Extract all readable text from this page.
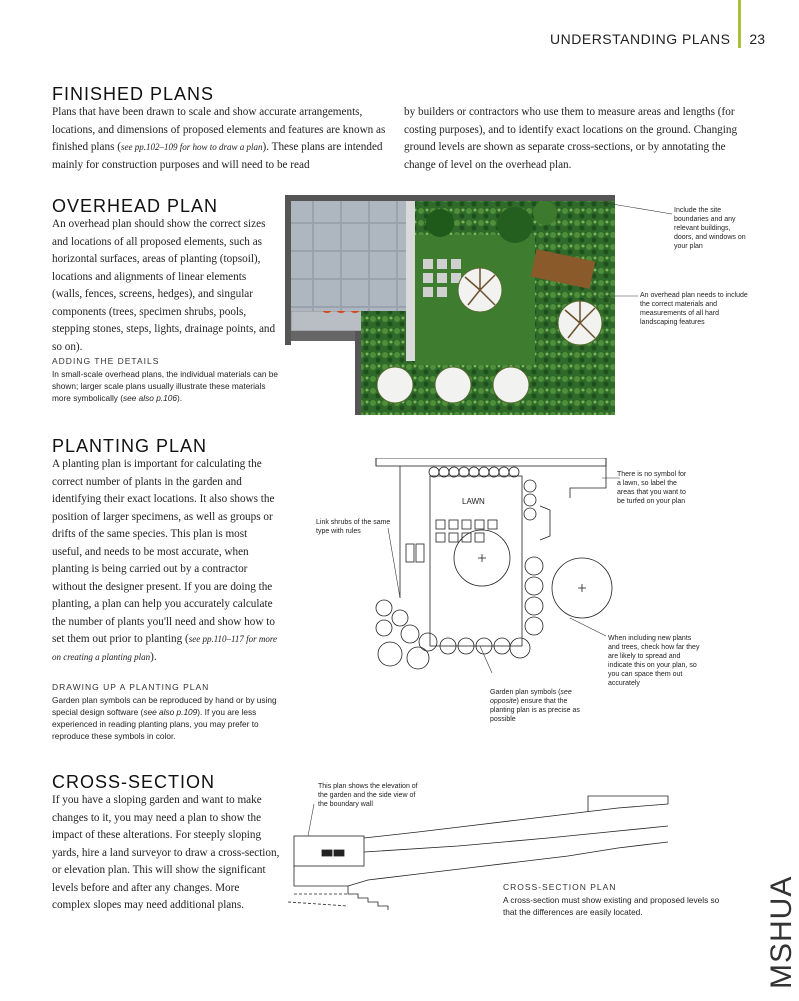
UNDERSTANDING PLANS 23
FINISHED PLANS
Plans that have been drawn to scale and show accurate arrangements, locations, and dimensions of proposed elements and features are known as finished plans (see pp.102–109 for how to draw a plan). These plans are intended mainly for construction purposes and will need to be read
by builders or contractors who use them to measure areas and lengths (for costing purposes), and to identify exact locations on the ground. Changing ground levels are shown as separate cross-sections, or by annotating the change of level on the overhead plan.
OVERHEAD PLAN
An overhead plan should show the correct sizes and locations of all proposed elements, such as horizontal surfaces, areas of planting (topsoil), locations and alignments of linear elements (walls, fences, screens, hedges), and singular components (trees, specimen shrubs, pools, stepping stones, steps, lights, drainage points, and so on).
ADDING THE DETAILS
In small-scale overhead plans, the individual materials can be shown; larger scale plans usually illustrate these materials more symbolically (see also p.106).
Include the site boundaries and any relevant buildings, doors, and windows on your plan
An overhead plan needs to include the correct materials and measurements of all hard landscaping features
PLANTING PLAN
A planting plan is important for calculating the correct number of plants in the garden and identifying their exact locations. It also shows the position of larger specimens, as well as groups or drifts of the same species. This plan is most useful, and needs to be most accurate, when planting is being carried out by a contractor without the designer present. If you are doing the planting, a plan can help you accurately calculate the number of plants you'll need and show how to set them out prior to planting (see pp.110–117 for more on creating a planting plan).
DRAWING UP A PLANTING PLAN
Garden plan symbols can be reproduced by hand or by using special design software (see also p.109). If you are less experienced in reading planting plans, you may prefer to reproduce these symbols in color.
LAWN
There is no symbol for a lawn, so label the areas that you want to be turfed on your plan
Link shrubs of the same type with rules
When including new plants and trees, check how far they are likely to spread and indicate this on your plan, so you can space them out accurately
Garden plan symbols (see opposite) ensure that the planting plan is as precise as possible
CROSS-SECTION
If you have a sloping garden and want to make changes to it, you may need a plan to show the impact of these alterations. For steeply sloping yards, hire a land surveyor to draw a cross-section, or elevation plan. This will show the significant levels before and after any changes. More complex slopes may need additional plans.
This plan shows the elevation of the garden and the side view of the boundary wall
CROSS-SECTION PLAN
A cross-section must show existing and proposed levels so that the differences are easily located.	MSHUA
